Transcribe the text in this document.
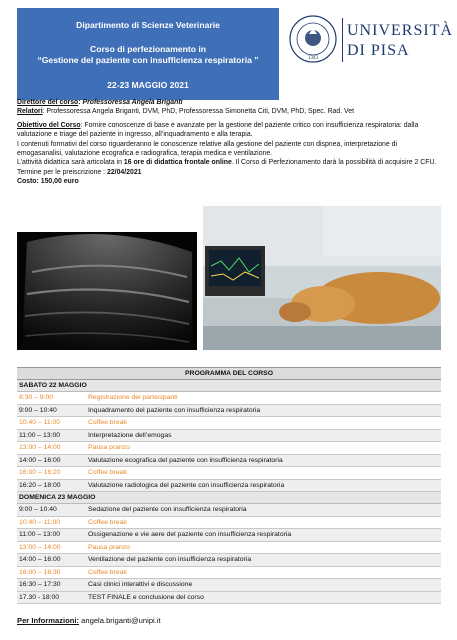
Dipartimento di Scienze Veterinarie
Corso di perfezionamento in
“Gestione del paziente con insufficienza respiratoria ”
22-23 MAGGIO 2021
1343
UNIVERSITÀ
DI PISA

Direttore del corso: Professoressa Angela Briganti

Relatori: Professoressa Angela Briganti, DVM, PhD, Professoressa Simonetta Citi, DVM, PhD, Spec. Rad. Vet

Obiettivo del Corso: Fornire conoscenze di base e avanzate per la gestione del paziente critico con insufficienza respiratoria: dalla valutazione e triage del paziente in ingresso, all’inquadramento e alla terapia.

I contenuti formativi del corso riguarderanno le conoscenze relative alla gestione del paziente con dispnea, interpretazione di emogasanalisi, valutazione ecografica e radiografica, terapia medica e ventilazione.

L’attività didattica sarà articolata in 16 ore di didattica frontale online. Il Corso di Perfezionamento darà la possibilità di acquisire 2 CFU.

Termine per le preiscrizione : 22/04/2021

Costo: 150,00 euro

PROGRAMMA DEL CORSO
SABATO 22 MAGGIO
8:30 – 9:00	Registrazione dei partecipanti
9:00 – 10:40	Inquadramento del paziente con insufficienza respiratoria
10:40 – 11:00	Coffee break
11:00 – 13:00	Interpretazione dell’emogas
13:00 – 14:00	Pausa pranzo
14:00 – 16:00	Valutazione ecografica del paziente con insufficienza respiratoria
16:00 – 16:20	Coffee break
16:20 – 18:00	Valutazione radiologica del paziente con insufficienza respiratoria
DOMENICA 23 MAGGIO
9:00 – 10:40	Sedazione del paziente con insufficienza respiratoria
10:40 – 11:00	Coffee break
11:00 – 13:00	Ossigenazione e vie aere del paziente con insufficienza respiratoria
13:00 – 14:00	Pausa pranzo
14:00 – 16:00	Ventilazione del paziente con insufficienza respiratoria
16:00 – 16:30	Coffee break
16:30 – 17:30	Casi clinici interattivi e discussione
17.30 - 18:00	TEST FINALE e conclusione del corso
Per Informazioni: angela.briganti@unipi.it
